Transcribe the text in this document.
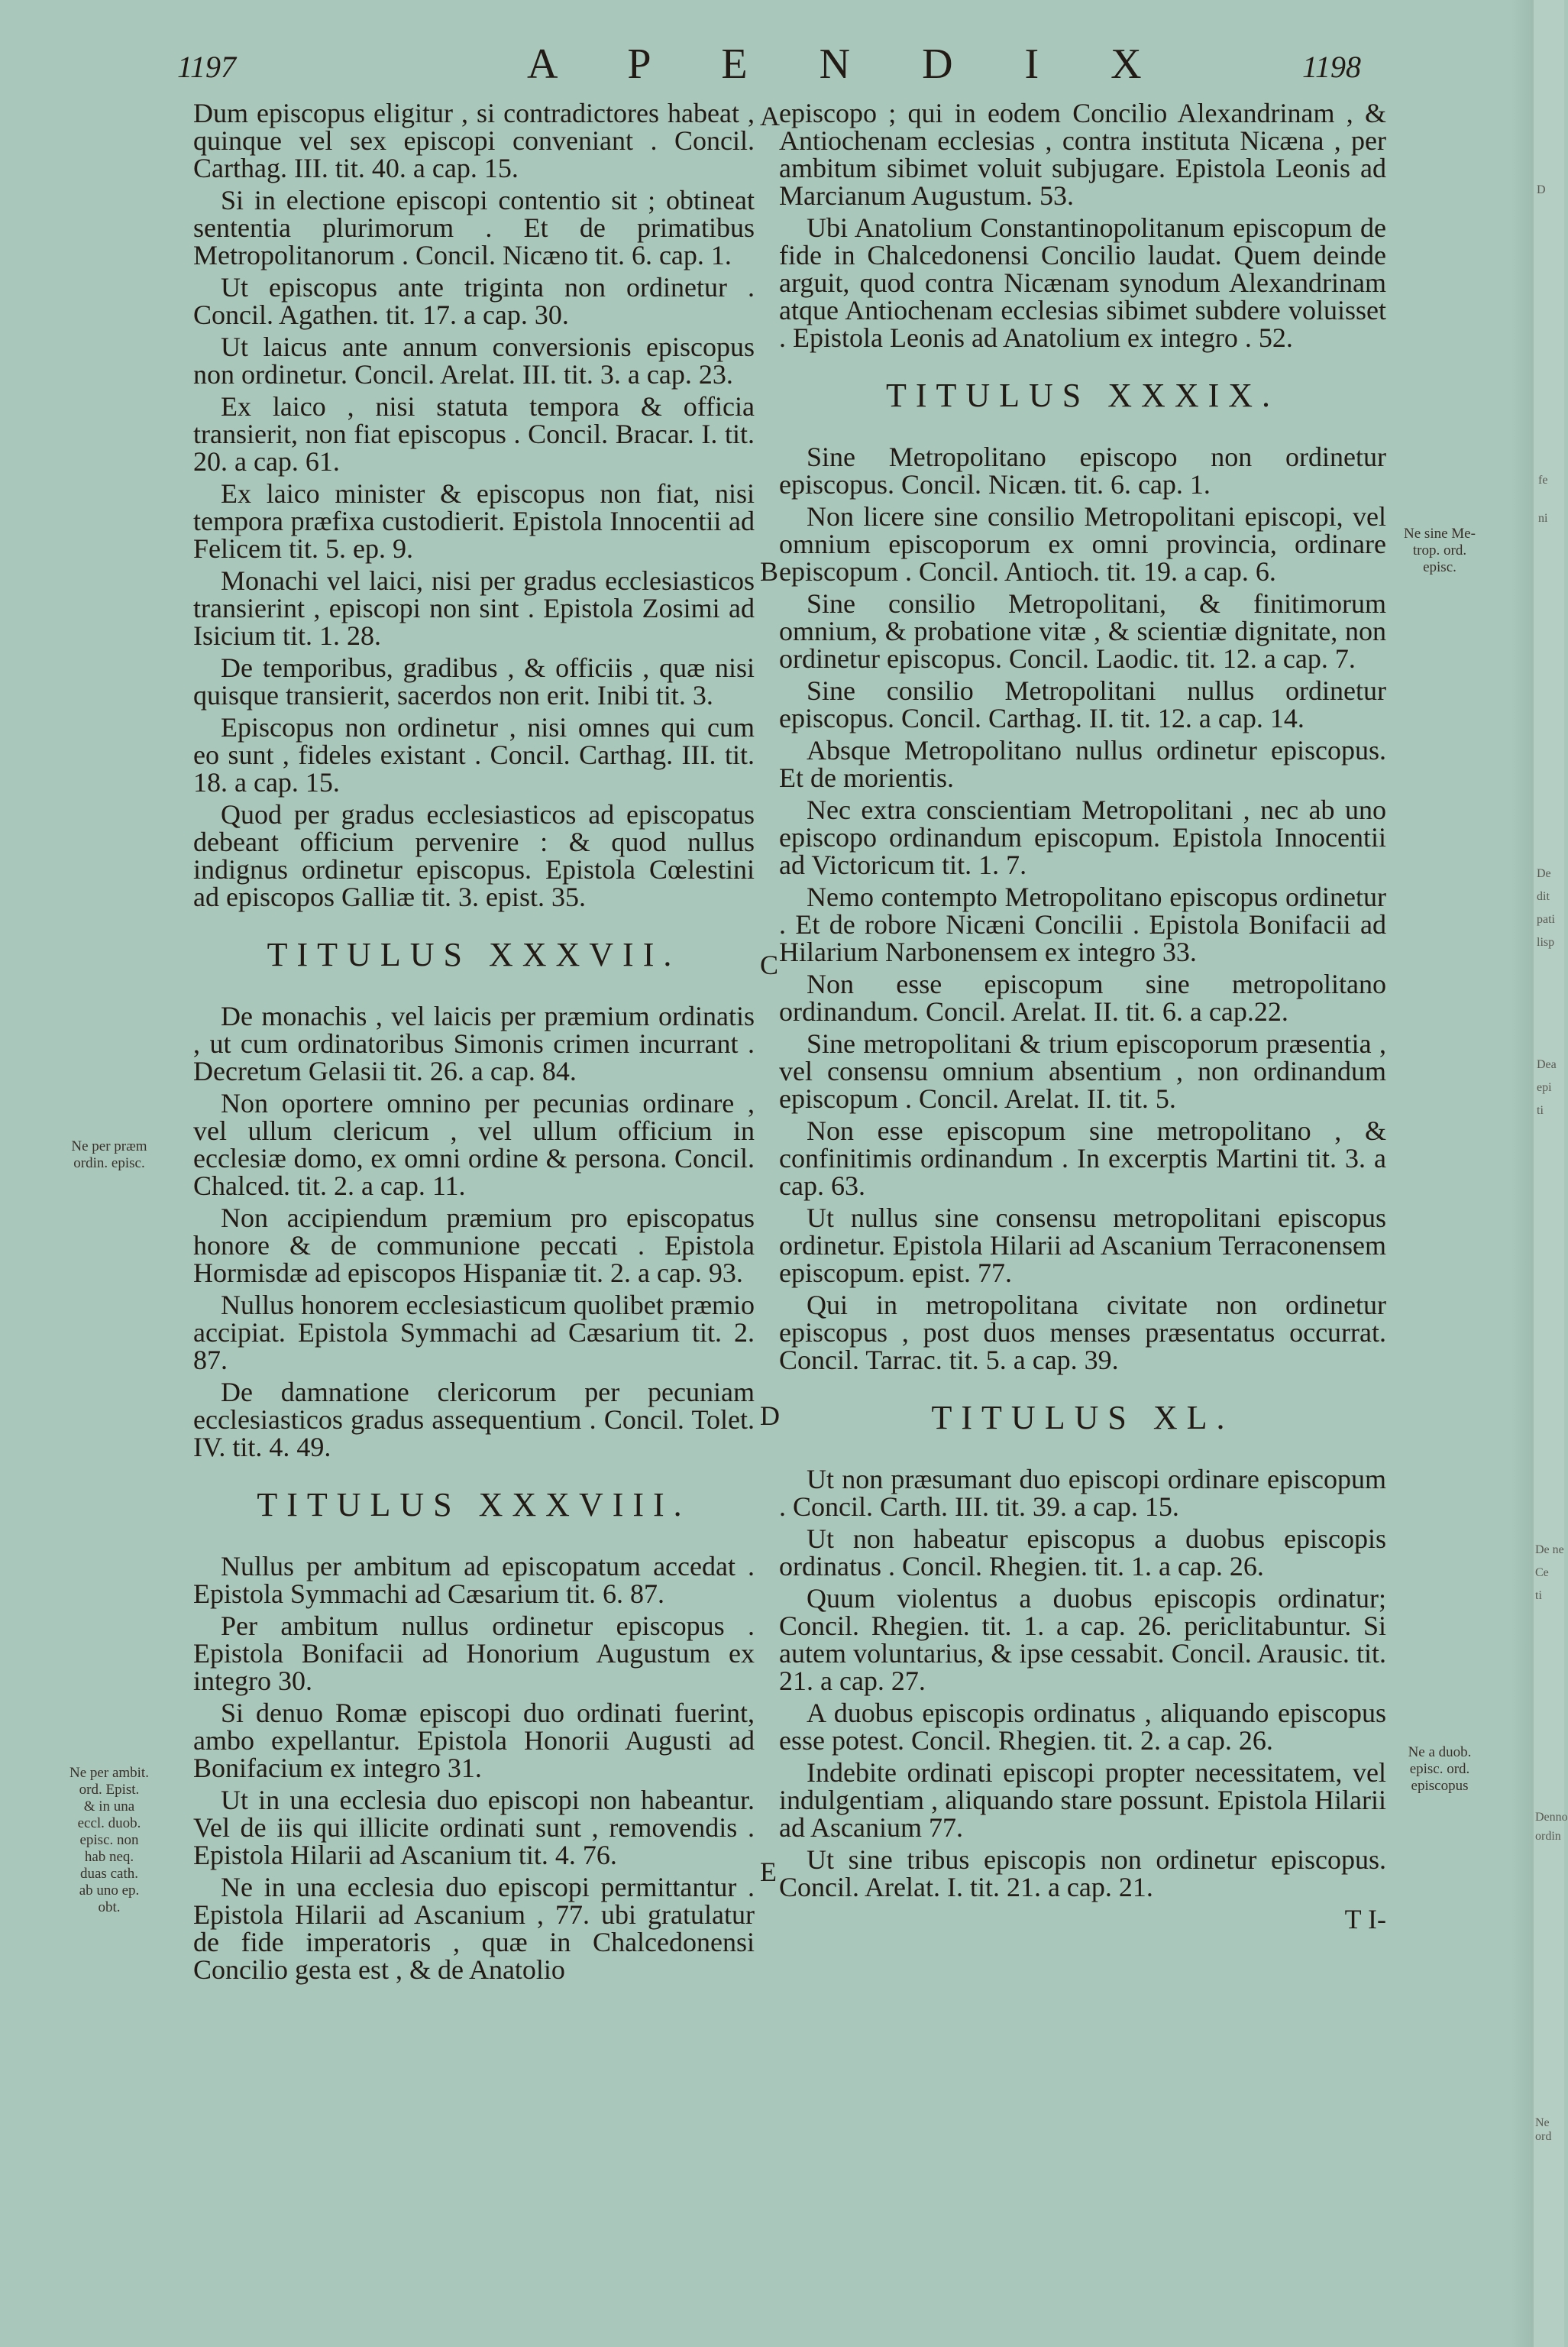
D
fe
ni
De
dit
pati
lisp
Dea
epi
ti
De ne
Ce
ti
Denno
ordin
Ne ord
1197	A P E N D I X	1198

Dum episcopus eligitur , si contradictores habeat , quinque vel sex episcopi conveniant . Concil. Carthag. III. tit. 40. a cap. 15.

Si in electione episcopi contentio sit ; obtineat sententia plurimorum . Et de primatibus Metropolitanorum . Concil. Nicæno tit. 6. cap. 1.

Ut episcopus ante triginta non ordinetur . Concil. Agathen. tit. 17. a cap. 30.

Ut laicus ante annum conversionis episcopus non ordinetur. Concil. Arelat. III. tit. 3. a cap. 23.

Ex laico , nisi statuta tempora & officia transierit, non fiat episcopus . Concil. Bracar. I. tit. 20. a cap. 61.

Ex laico minister & episcopus non fiat, nisi tempora præfixa custodierit. Epistola Innocentii ad Felicem tit. 5. ep. 9.

Monachi vel laici, nisi per gradus ecclesiasticos transierint , episcopi non sint . Epistola Zosimi ad Isicium tit. 1. 28.

De temporibus, gradibus , & officiis , quæ nisi quisque transierit, sacerdos non erit. Inibi tit. 3.

Episcopus non ordinetur , nisi omnes qui cum eo sunt , fideles existant . Concil. Carthag. III. tit. 18. a cap. 15.

Quod per gradus ecclesiasticos ad episcopatus debeant officium pervenire : & quod nullus indignus ordinetur episcopus. Epistola Cœlestini ad episcopos Galliæ tit. 3. epist. 35.

TITULUS XXXVII.

De monachis , vel laicis per præmium ordinatis , ut cum ordinatoribus Simonis crimen incurrant . Decretum Gelasii tit. 26. a cap. 84.

Non oportere omnino per pecunias ordinare , vel ullum clericum , vel ullum officium in ecclesiæ domo, ex omni ordine & persona. Concil. Chalced. tit. 2. a cap. 11.

Non accipiendum præmium pro episcopatus honore & de communione peccati . Epistola Hormisdæ ad episcopos Hispaniæ tit. 2. a cap. 93.

Nullus honorem ecclesiasticum quolibet præmio accipiat. Epistola Symmachi ad Cæsarium tit. 2. 87.

De damnatione clericorum per pecuniam ecclesiasticos gradus assequentium . Concil. Tolet. IV. tit. 4. 49.

TITULUS XXXVIII.

Nullus per ambitum ad episcopatum accedat . Epistola Symmachi ad Cæsarium tit. 6. 87.

Per ambitum nullus ordinetur episcopus . Epistola Bonifacii ad Honorium Augustum ex integro 30.

Si denuo Romæ episcopi duo ordinati fuerint, ambo expellantur. Epistola Honorii Augusti ad Bonifacium ex integro 31.

Ut in una ecclesia duo episcopi non habeantur. Vel de iis qui illicite ordinati sunt , removendis . Epistola Hilarii ad Ascanium tit. 4. 76.

Ne in una ecclesia duo episcopi permittantur . Epistola Hilarii ad Ascanium , 77. ubi gratulatur de fide imperatoris , quæ in Chalcedonensi Concilio gesta est , & de Anatolio

episcopo ; qui in eodem Concilio Alexandrinam , & Antiochenam ecclesias , contra instituta Nicæna , per ambitum sibimet voluit subjugare. Epistola Leonis ad Marcianum Augustum. 53.

Ubi Anatolium Constantinopolitanum episcopum de fide in Chalcedonensi Concilio laudat. Quem deinde arguit, quod contra Nicænam synodum Alexandrinam atque Antiochenam ecclesias sibimet subdere voluisset . Epistola Leonis ad Anatolium ex integro . 52.

TITULUS XXXIX.

Sine Metropolitano episcopo non ordinetur episcopus. Concil. Nicæn. tit. 6. cap. 1.

Non licere sine consilio Metropolitani episcopi, vel omnium episcoporum ex omni provincia, ordinare episcopum . Concil. Antioch. tit. 19. a cap. 6.

Sine consilio Metropolitani, & finitimorum omnium, & probatione vitæ , & scientiæ dignitate, non ordinetur episcopus. Concil. Laodic. tit. 12. a cap. 7.

Sine consilio Metropolitani nullus ordinetur episcopus. Concil. Carthag. II. tit. 12. a cap. 14.

Absque Metropolitano nullus ordinetur episcopus. Et de morientis.

Nec extra conscientiam Metropolitani , nec ab uno episcopo ordinandum episcopum. Epistola Innocentii ad Victoricum tit. 1. 7.

Nemo contempto Metropolitano episcopus ordinetur . Et de robore Nicæni Concilii . Epistola Bonifacii ad Hilarium Narbonensem ex integro 33.

Non esse episcopum sine metropolitano ordinandum. Concil. Arelat. II. tit. 6. a cap.22.

Sine metropolitani & trium episcoporum præsentia , vel consensu omnium absentium , non ordinandum episcopum . Concil. Arelat. II. tit. 5.

Non esse episcopum sine metropolitano , & confinitimis ordinandum . In excerptis Martini tit. 3. a cap. 63.

Ut nullus sine consensu metropolitani episcopus ordinetur. Epistola Hilarii ad Ascanium Terraconensem episcopum. epist. 77.

Qui in metropolitana civitate non ordinetur episcopus , post duos menses præsentatus occurrat. Concil. Tarrac. tit. 5. a cap. 39.

TITULUS XL.

Ut non præsumant duo episcopi ordinare episcopum . Concil. Carth. III. tit. 39. a cap. 15.

Ut non habeatur episcopus a duobus episcopis ordinatus . Concil. Rhegien. tit. 1. a cap. 26.

Quum violentus a duobus episcopis ordinatur; Concil. Rhegien. tit. 1. a cap. 26. periclitabuntur. Si autem voluntarius, & ipse cessabit. Concil. Arausic. tit. 21. a cap. 27.

A duobus episcopis ordinatus , aliquando episcopus esse potest. Concil. Rhegien. tit. 2. a cap. 26.

Indebite ordinati episcopi propter necessitatem, vel indulgentiam , aliquando stare possunt. Epistola Hilarii ad Ascanium 77.

Ut sine tribus episcopis non ordinetur episcopus. Concil. Arelat. I. tit. 21. a cap. 21.

T I-

A
B
C
D
E
Ne per præm
ordin. episc.
Ne per ambit.
ord. Epist.
& in una
eccl. duob.
episc. non
hab neq.
duas cath.
ab uno ep.
obt.
Ne sine Me-
trop. ord.
episc.
Ne a duob.
episc. ord.
episcopus
